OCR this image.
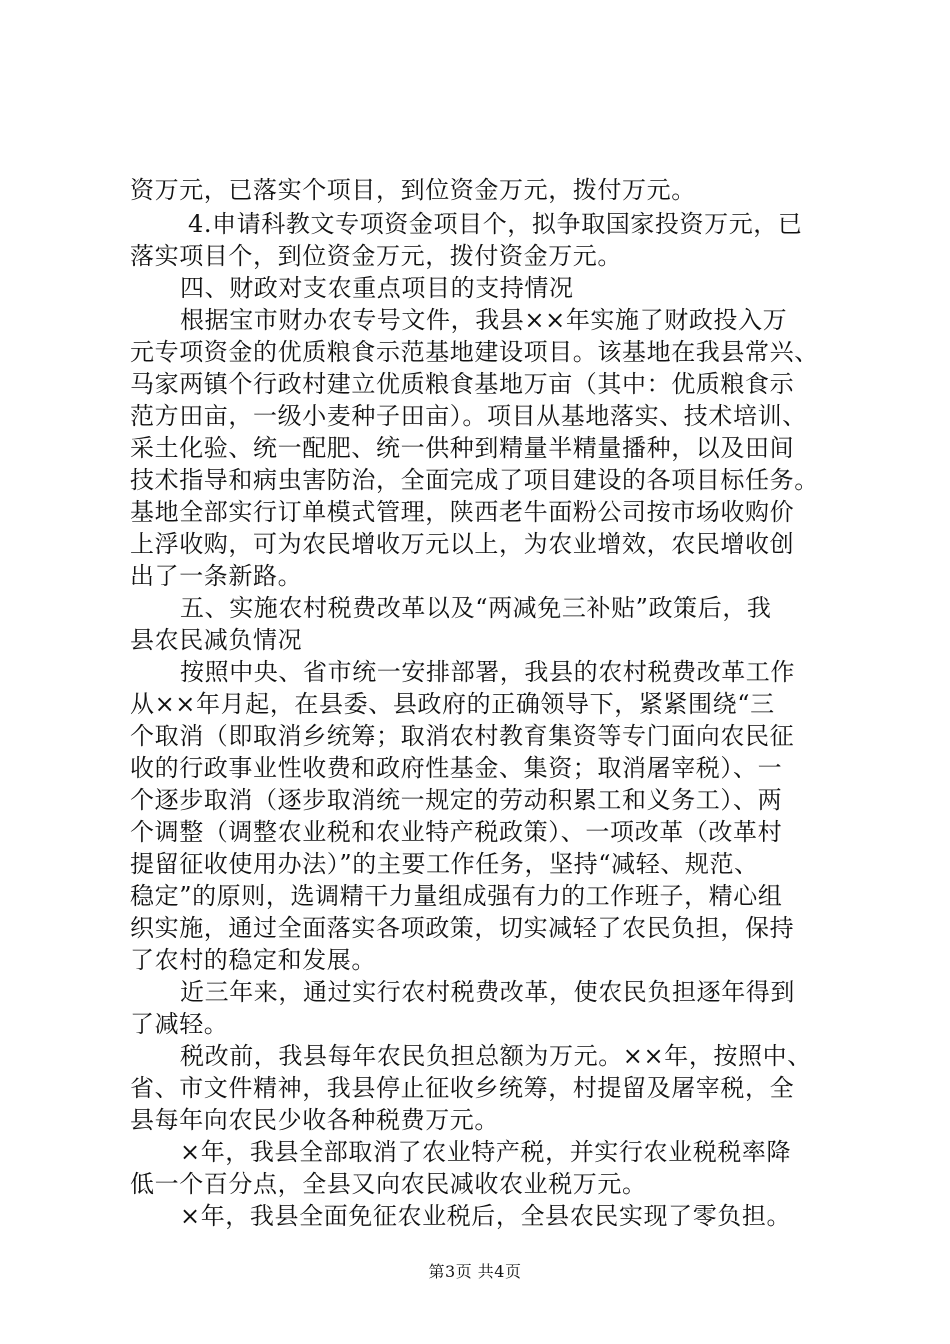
资万元，已落实个项目，到位资金万元，拨付万元。
4.申请科教文专项资金项目个，拟争取国家投资万元，已
落实项目个，到位资金万元，拨付资金万元。
四、财政对支农重点项目的支持情况
根据宝市财办农专号文件，我县××年实施了财政投入万
元专项资金的优质粮食示范基地建设项目。该基地在我县常兴、
马家两镇个行政村建立优质粮食基地万亩（其中：优质粮食示
范方田亩，一级小麦种子田亩）。项目从基地落实、技术培训、
采土化验、统一配肥、统一供种到精量半精量播种，以及田间
技术指导和病虫害防治，全面完成了项目建设的各项目标任务。
基地全部实行订单模式管理，陕西老牛面粉公司按市场收购价
上浮收购，可为农民增收万元以上，为农业增效，农民增收创
出了一条新路。
五、实施农村税费改革以及“两减免三补贴”政策后，我
县农民减负情况
按照中央、省市统一安排部署，我县的农村税费改革工作
从××年月起，在县委、县政府的正确领导下，紧紧围绕“三
个取消（即取消乡统筹；取消农村教育集资等专门面向农民征
收的行政事业性收费和政府性基金、集资；取消屠宰税）、一
个逐步取消（逐步取消统一规定的劳动积累工和义务工）、两
个调整（调整农业税和农业特产税政策）、一项改革（改革村
提留征收使用办法）”的主要工作任务，坚持“减轻、规范、
稳定”的原则，选调精干力量组成强有力的工作班子，精心组
织实施，通过全面落实各项政策，切实减轻了农民负担，保持
了农村的稳定和发展。
近三年来，通过实行农村税费改革，使农民负担逐年得到
了减轻。
税改前，我县每年农民负担总额为万元。××年，按照中、
省、市文件精神，我县停止征收乡统筹，村提留及屠宰税，全
县每年向农民少收各种税费万元。
×年，我县全部取消了农业特产税，并实行农业税税率降
低一个百分点，全县又向农民减收农业税万元。
×年，我县全面免征农业税后，全县农民实现了零负担。
第3页 共4页
